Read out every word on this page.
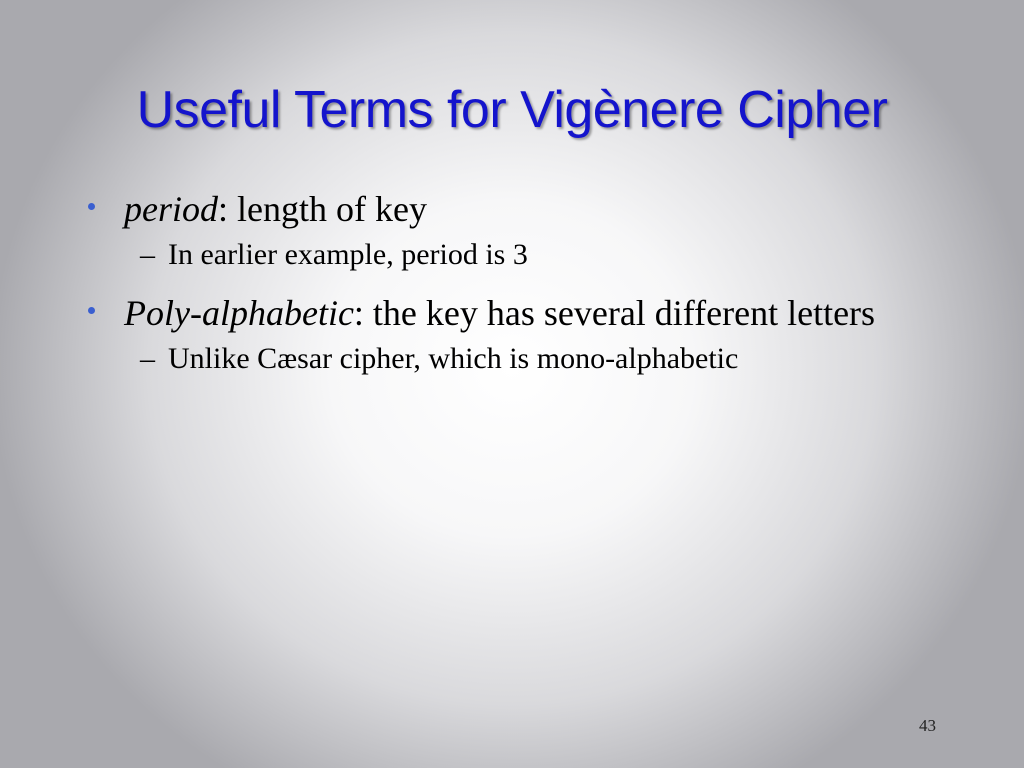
Useful Terms for Vigènere Cipher
period: length of key
– In earlier example, period is 3
Poly-alphabetic: the key has several different letters
– Unlike Cæsar cipher, which is mono-alphabetic
43
